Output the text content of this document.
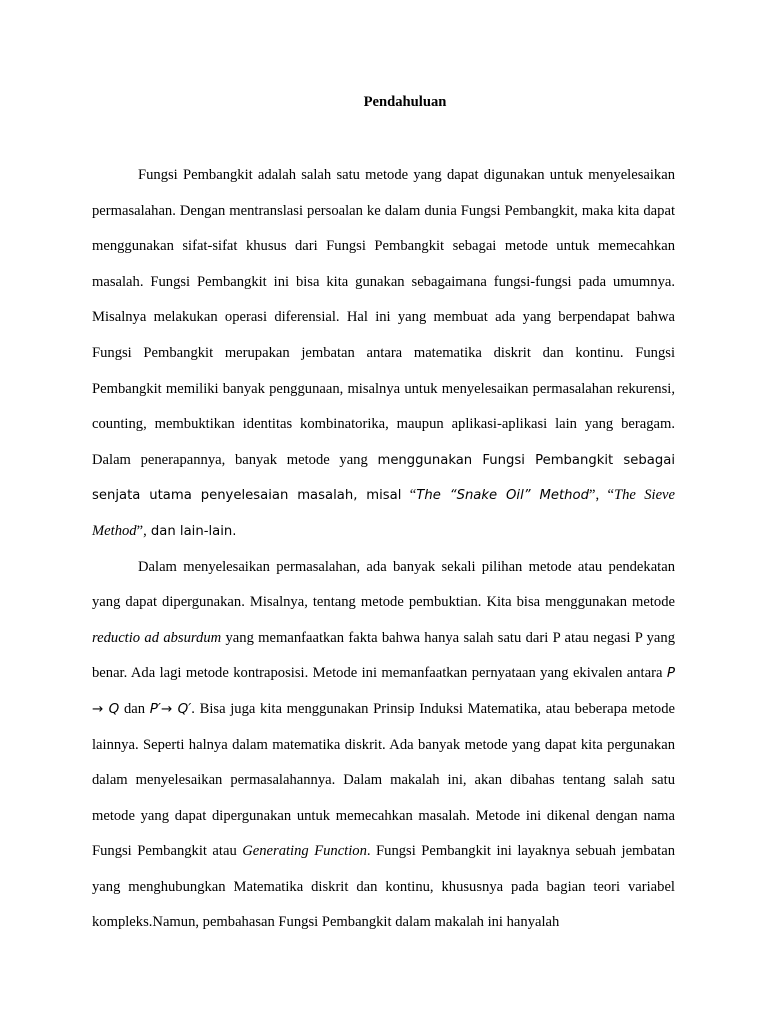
Pendahuluan

Fungsi Pembangkit adalah salah satu metode yang dapat digunakan untuk menyelesaikan permasalahan. Dengan mentranslasi persoalan ke dalam dunia Fungsi Pembangkit, maka kita dapat menggunakan sifat-sifat khusus dari Fungsi Pembangkit sebagai metode untuk memecahkan masalah. Fungsi Pembangkit ini bisa kita gunakan sebagaimana fungsi-fungsi pada umumnya. Misalnya melakukan operasi diferensial. Hal ini yang membuat ada yang berpendapat bahwa Fungsi Pembangkit merupakan jembatan antara matematika diskrit dan kontinu. Fungsi Pembangkit memiliki banyak penggunaan, misalnya untuk menyelesaikan permasalahan rekurensi, counting, membuktikan identitas kombinatorika, maupun aplikasi-aplikasi lain yang beragam. Dalam penerapannya, banyak metode yang menggunakan Fungsi Pembangkit sebagai senjata utama penyelesaian masalah, misal “The “Snake Oil” Method”, “The Sieve Method”, dan lain-lain.

Dalam menyelesaikan permasalahan, ada banyak sekali pilihan metode atau pendekatan yang dapat dipergunakan. Misalnya, tentang metode pembuktian. Kita bisa menggunakan metode reductio ad absurdum yang memanfaatkan fakta bahwa hanya salah satu dari P atau negasi P yang benar. Ada lagi metode kontraposisi. Metode ini memanfaatkan pernyataan yang ekivalen antara P → Q dan P′→ Q′. Bisa juga kita menggunakan Prinsip Induksi Matematika, atau beberapa metode lainnya. Seperti halnya dalam matematika diskrit. Ada banyak metode yang dapat kita pergunakan dalam menyelesaikan permasalahannya. Dalam makalah ini, akan dibahas tentang salah satu metode yang dapat dipergunakan untuk memecahkan masalah. Metode ini dikenal dengan nama Fungsi Pembangkit atau Generating Function. Fungsi Pembangkit ini layaknya sebuah jembatan yang menghubungkan Matematika diskrit dan kontinu, khususnya pada bagian teori variabel kompleks.Namun, pembahasan Fungsi Pembangkit dalam makalah ini hanyalah
